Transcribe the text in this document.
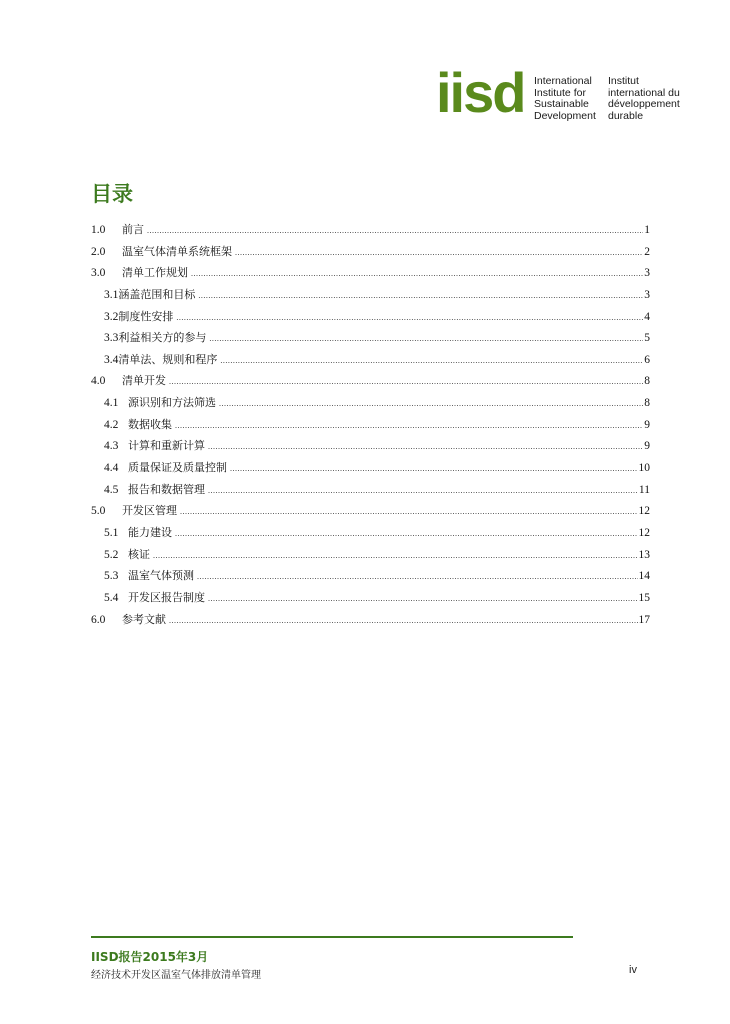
iisd International
Institute for
Sustainable
Development
Institut
international du
développement
durable
目录
1.0	前言 .....	1
2.0	温室气体清单系统框架 .....	2
3.0	清单工作规划 .....	3
3.1 涵盖范围和目标 .....	3
3.2 制度性安排 .....	4
3.3 利益相关方的参与 .....	5
3.4 清单法、规则和程序 .....	6
4.0	清单开发 .....	8
4.1 源识别和方法筛选 .....	8
4.2 数据收集 .....	9
4.3 计算和重新计算 .....	9
4.4 质量保证及质量控制 .....	10
4.5 报告和数据管理 .....	11
5.0	开发区管理 .....	12
5.1 能力建设 .....	12
5.2 核证 .....	13
5.3 温室气体预测 .....	14
5.4 开发区报告制度 .....	15
6.0	参考文献 .....	17
IISD报告2015年3月
经济技术开发区温室气体排放清单管理	iv
